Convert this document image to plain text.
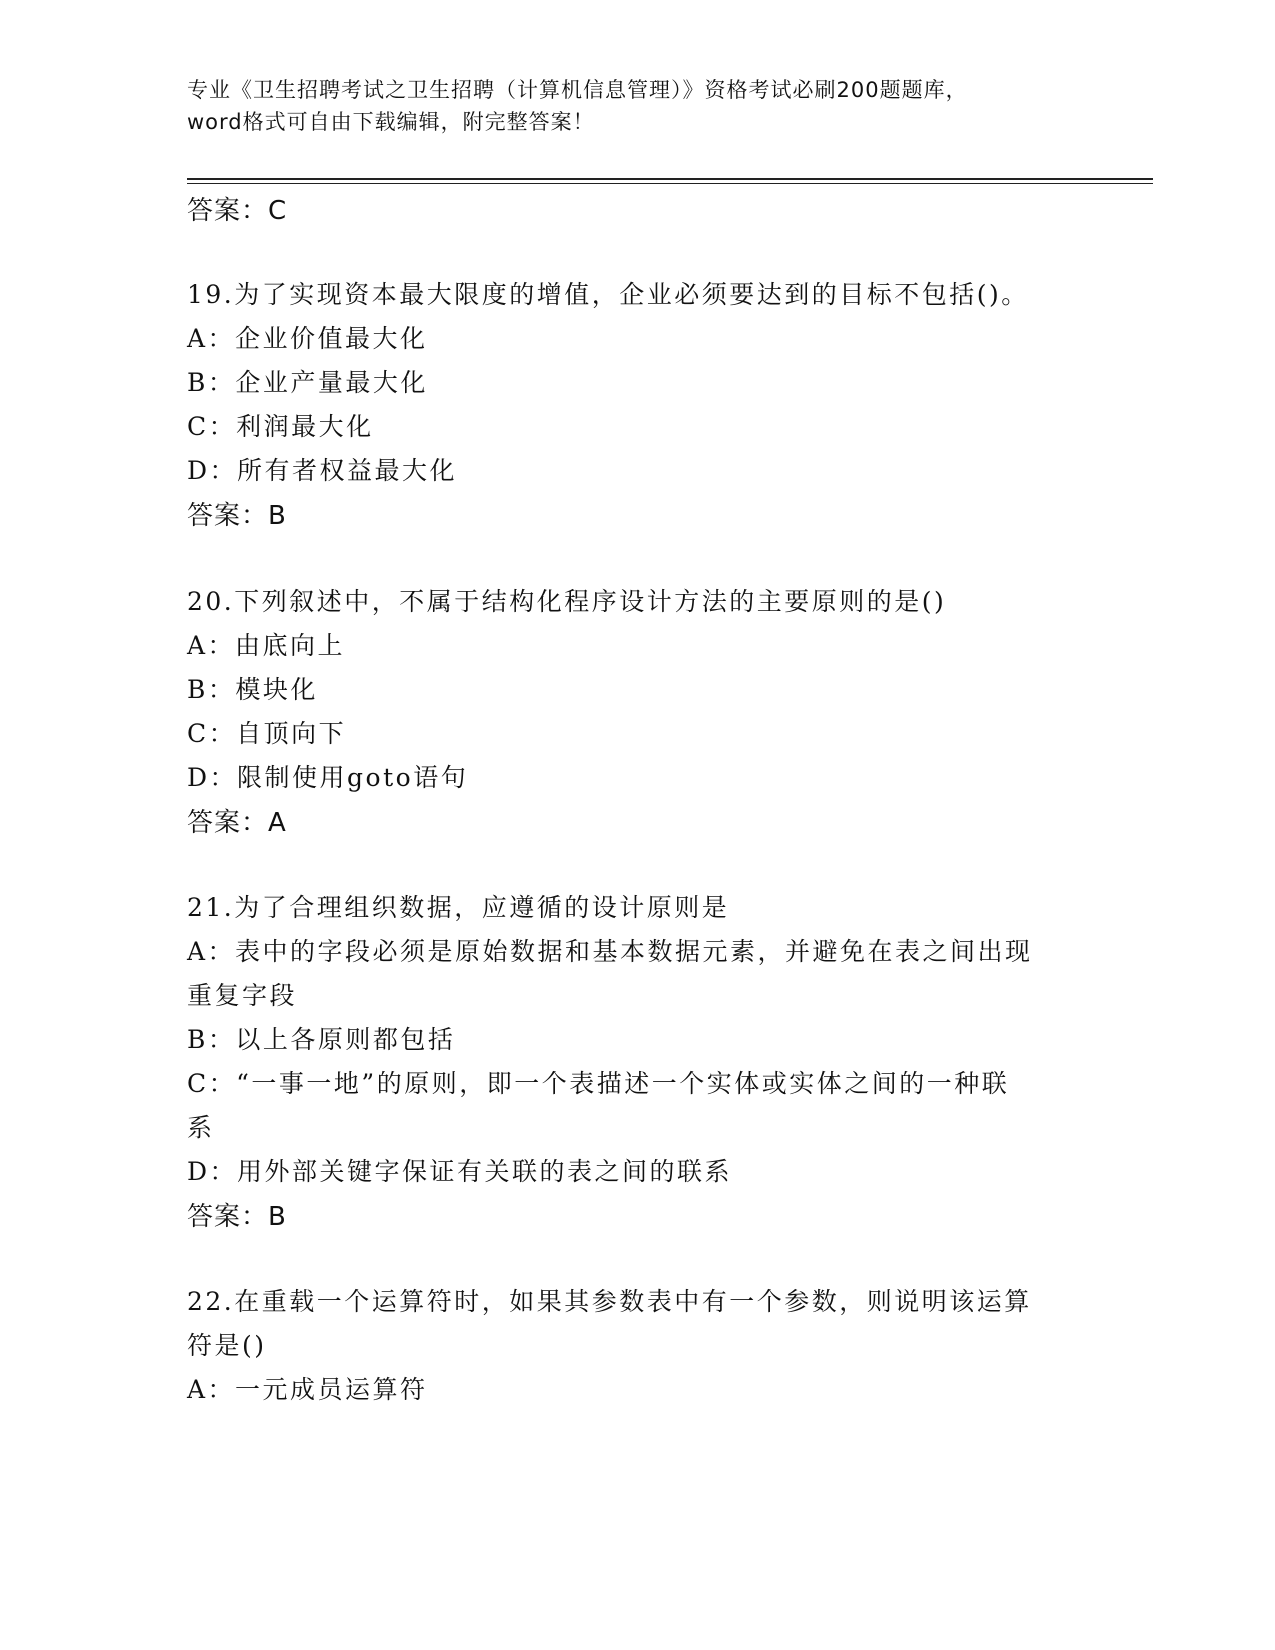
专业《卫生招聘考试之卫生招聘（计算机信息管理）》资格考试必刷200题题库，
word格式可自由下载编辑，附完整答案！
答案：C
19.为了实现资本最大限度的增值，企业必须要达到的目标不包括()。
A：企业价值最大化
B：企业产量最大化
C：利润最大化
D：所有者权益最大化
答案：B
20.下列叙述中，不属于结构化程序设计方法的主要原则的是()
A：由底向上
B：模块化
C：自顶向下
D：限制使用goto语句
答案：A
21.为了合理组织数据，应遵循的设计原则是
A：表中的字段必须是原始数据和基本数据元素，并避免在表之间出现
重复字段
B：以上各原则都包括
C：“一事一地”的原则，即一个表描述一个实体或实体之间的一种联
系
D：用外部关键字保证有关联的表之间的联系
答案：B
22.在重载一个运算符时，如果其参数表中有一个参数，则说明该运算
符是()
A：一元成员运算符
